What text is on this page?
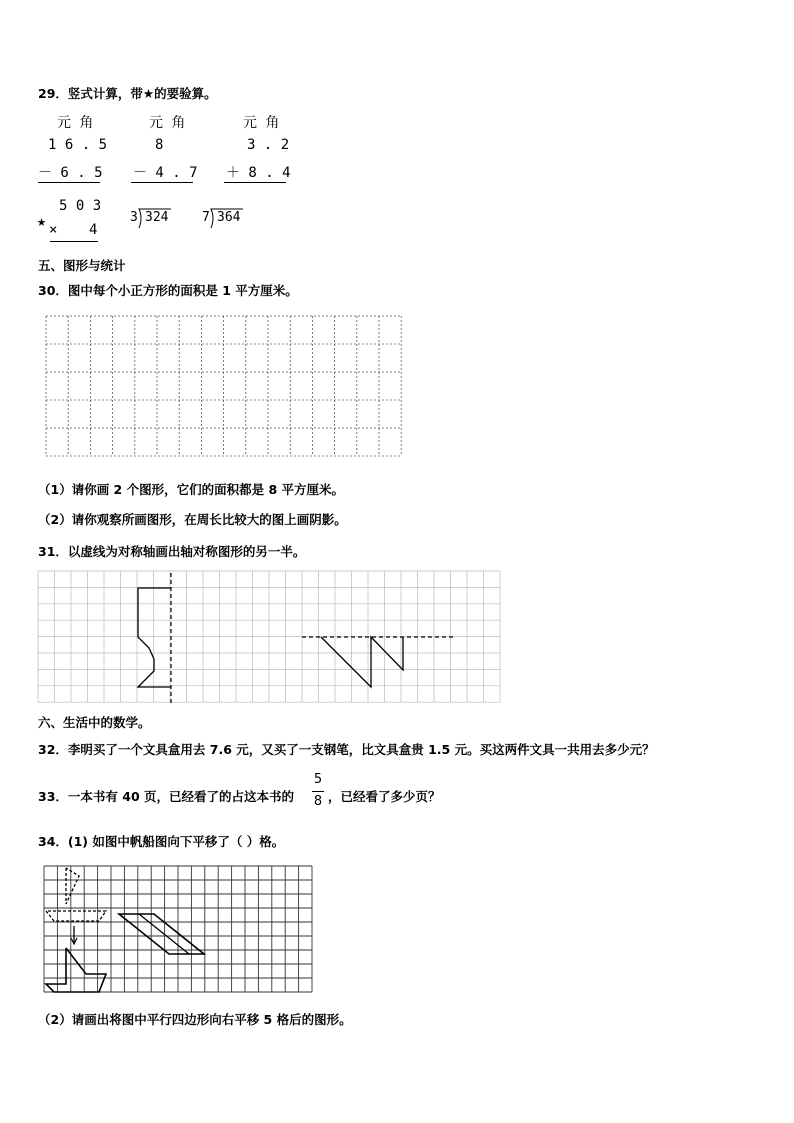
29．竖式计算，带★的要验算。
元 角
1 6 . 5
－ 6 . 5
元 角
8
－ 4 . 7
元 角
3 . 2
＋ 8 . 4
★
5 0 3
× 4
3 324	7 364
五、图形与统计
30．图中每个小正方形的面积是 1 平方厘米。
（1）请你画 2 个图形，它们的面积都是 8 平方厘米。
（2）请你观察所画图形，在周长比较大的图上画阴影。
31．以虚线为对称轴画出轴对称图形的另一半。
六、生活中的数学。
32．李明买了一个文具盒用去 7.6 元，又买了一支钢笔，比文具盒贵 1.5 元。买这两件文具一共用去多少元？
33．一本书有 40 页，已经看了的占这本书的
5
8 ，已经看了多少页？
34．(1) 如图中帆船图向下平移了（ ）格。
（2）请画出将图中平行四边形向右平移 5 格后的图形。
